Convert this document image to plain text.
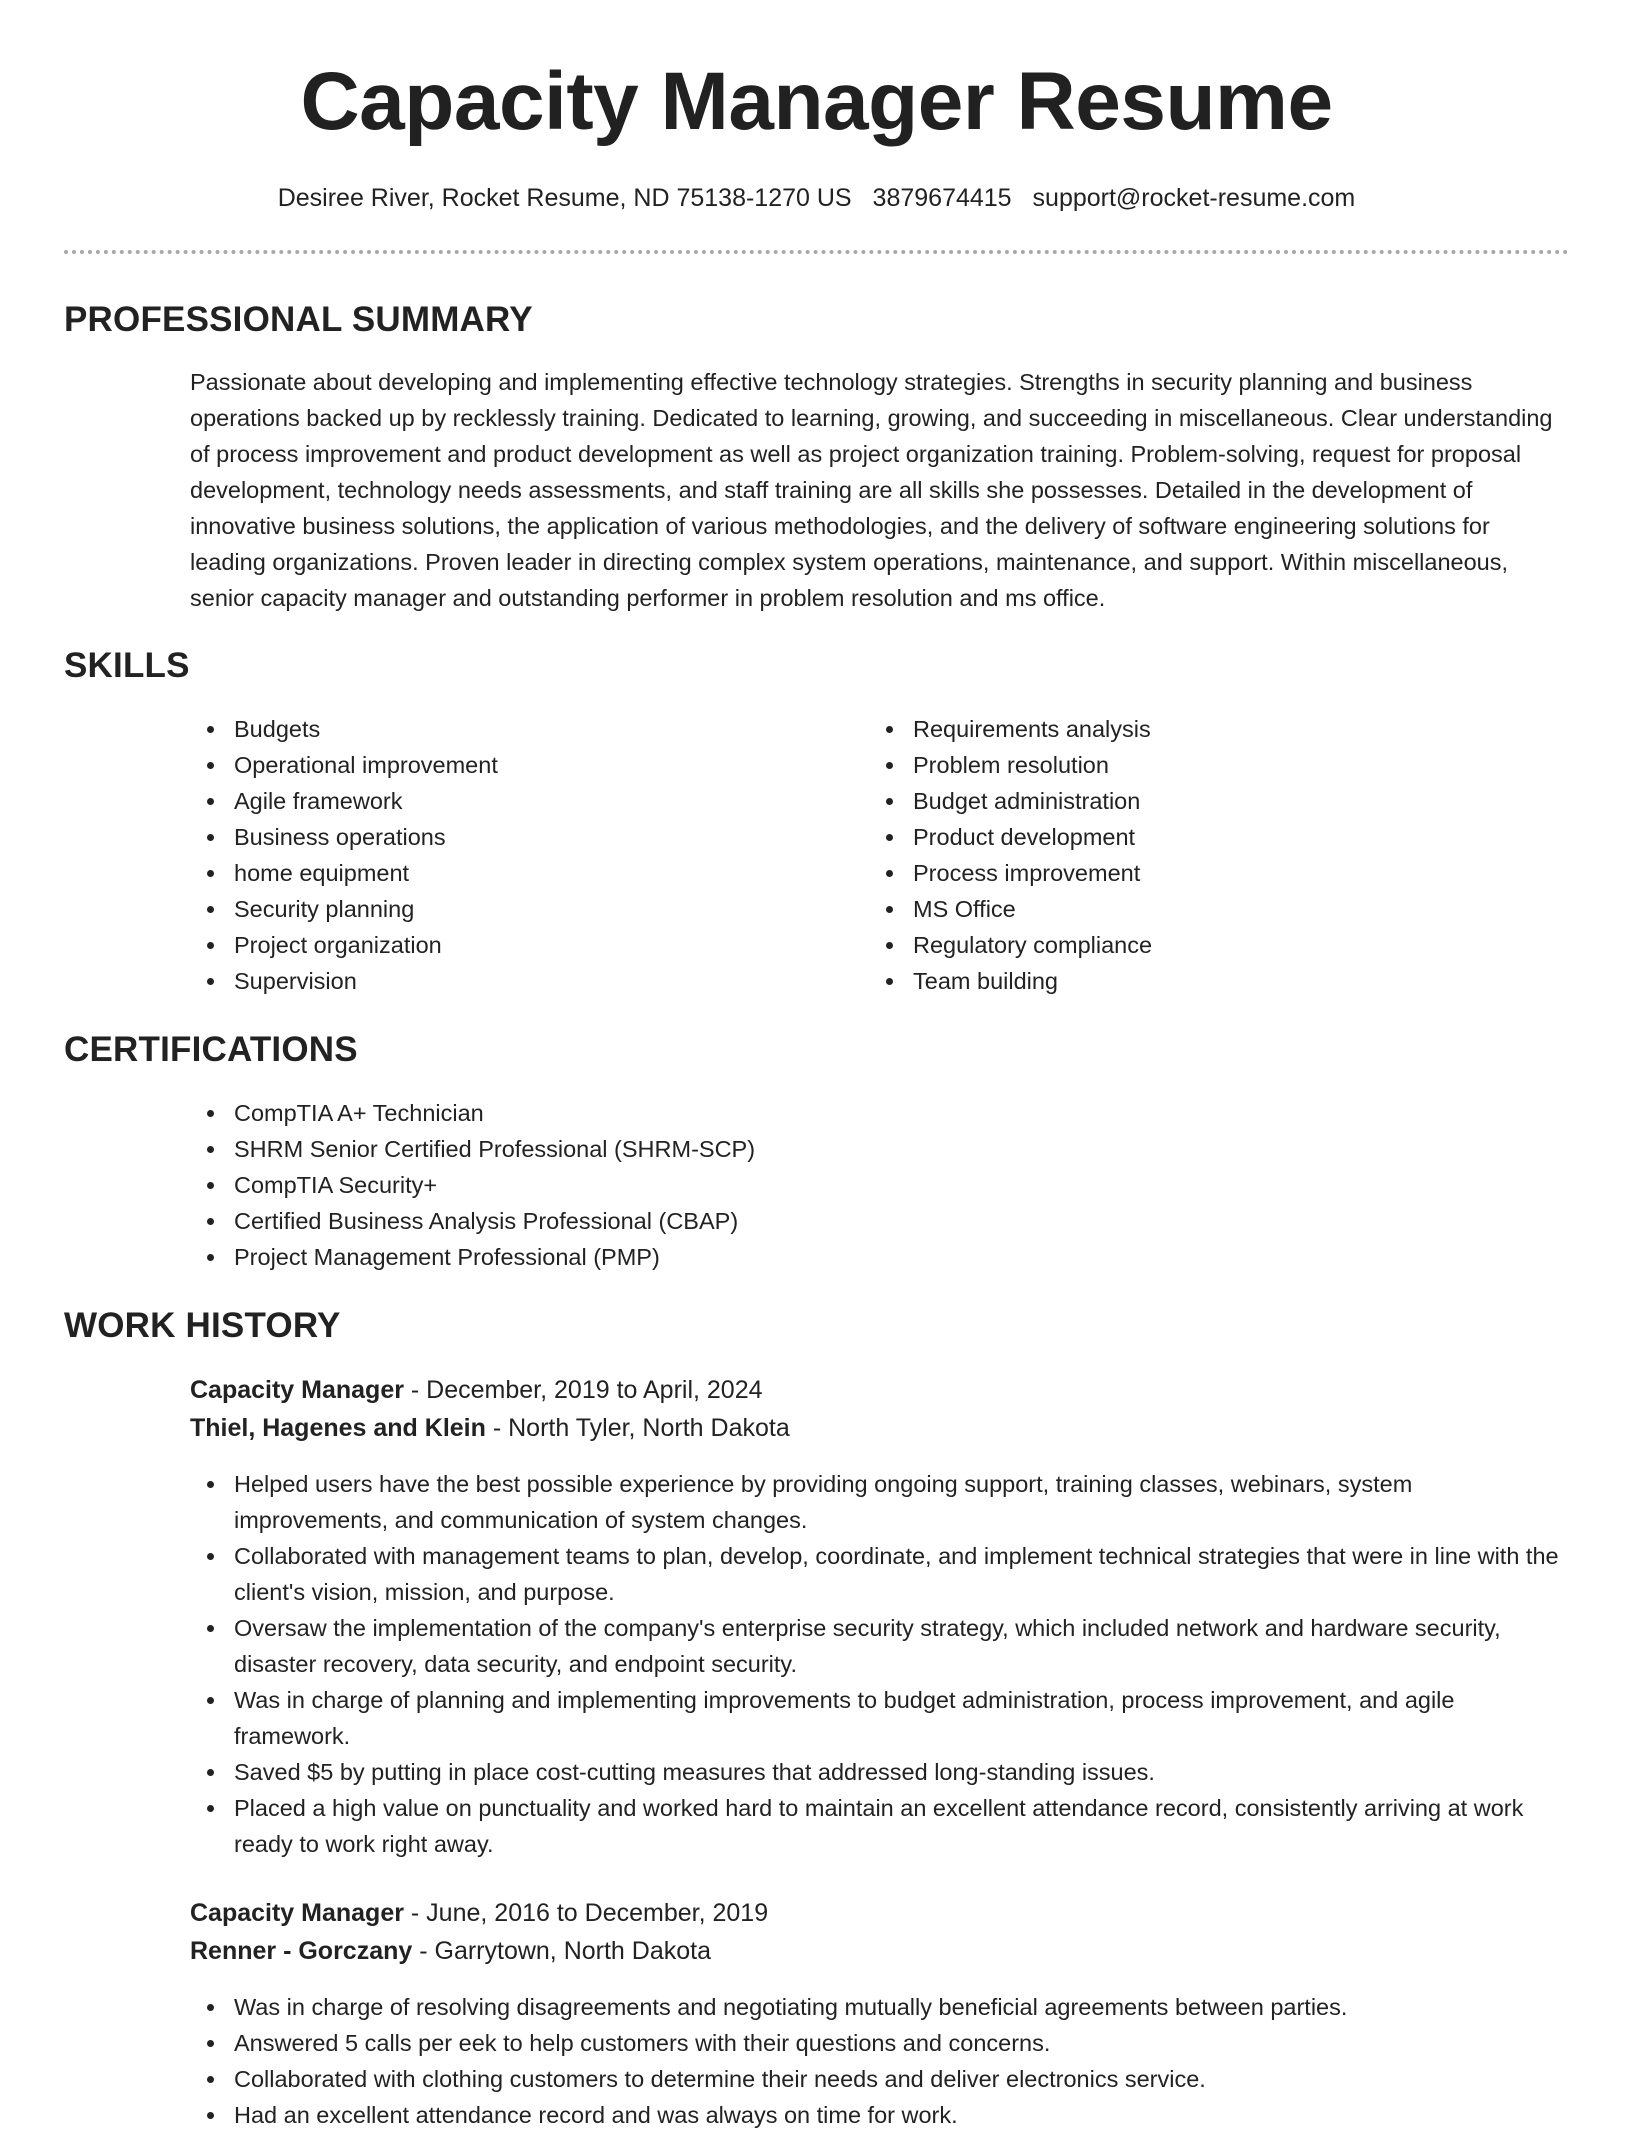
Capacity Manager Resume
Desiree River, Rocket Resume, ND 75138-1270 US 3879674415 support@rocket-resume.com
PROFESSIONAL SUMMARY

Passionate about developing and implementing effective technology strategies. Strengths in security planning and business operations backed up by recklessly training. Dedicated to learning, growing, and succeeding in miscellaneous. Clear understanding of process improvement and product development as well as project organization training. Problem-solving, request for proposal development, technology needs assessments, and staff training are all skills she possesses. Detailed in the development of innovative business solutions, the application of various methodologies, and the delivery of software engineering solutions for leading organizations. Proven leader in directing complex system operations, maintenance, and support. Within miscellaneous, senior capacity manager and outstanding performer in problem resolution and ms office.

SKILLS
Budgets
Operational improvement
Agile framework
Business operations
home equipment
Security planning
Project organization
Supervision
Requirements analysis
Problem resolution
Budget administration
Product development
Process improvement
MS Office
Regulatory compliance
Team building
CERTIFICATIONS
CompTIA A+ Technician
SHRM Senior Certified Professional (SHRM-SCP)
CompTIA Security+
Certified Business Analysis Professional (CBAP)
Project Management Professional (PMP)
WORK HISTORY
Capacity Manager - December, 2019 to April, 2024
Thiel, Hagenes and Klein - North Tyler, North Dakota
Helped users have the best possible experience by providing ongoing support, training classes, webinars, system improvements, and communication of system changes.
Collaborated with management teams to plan, develop, coordinate, and implement technical strategies that were in line with the client's vision, mission, and purpose.
Oversaw the implementation of the company's enterprise security strategy, which included network and hardware security, disaster recovery, data security, and endpoint security.
Was in charge of planning and implementing improvements to budget administration, process improvement, and agile framework.
Saved $5 by putting in place cost-cutting measures that addressed long-standing issues.
Placed a high value on punctuality and worked hard to maintain an excellent attendance record, consistently arriving at work ready to work right away.
Capacity Manager - June, 2016 to December, 2019
Renner - Gorczany - Garrytown, North Dakota
Was in charge of resolving disagreements and negotiating mutually beneficial agreements between parties.
Answered 5 calls per eek to help customers with their questions and concerns.
Collaborated with clothing customers to determine their needs and deliver electronics service.
Had an excellent attendance record and was always on time for work.
